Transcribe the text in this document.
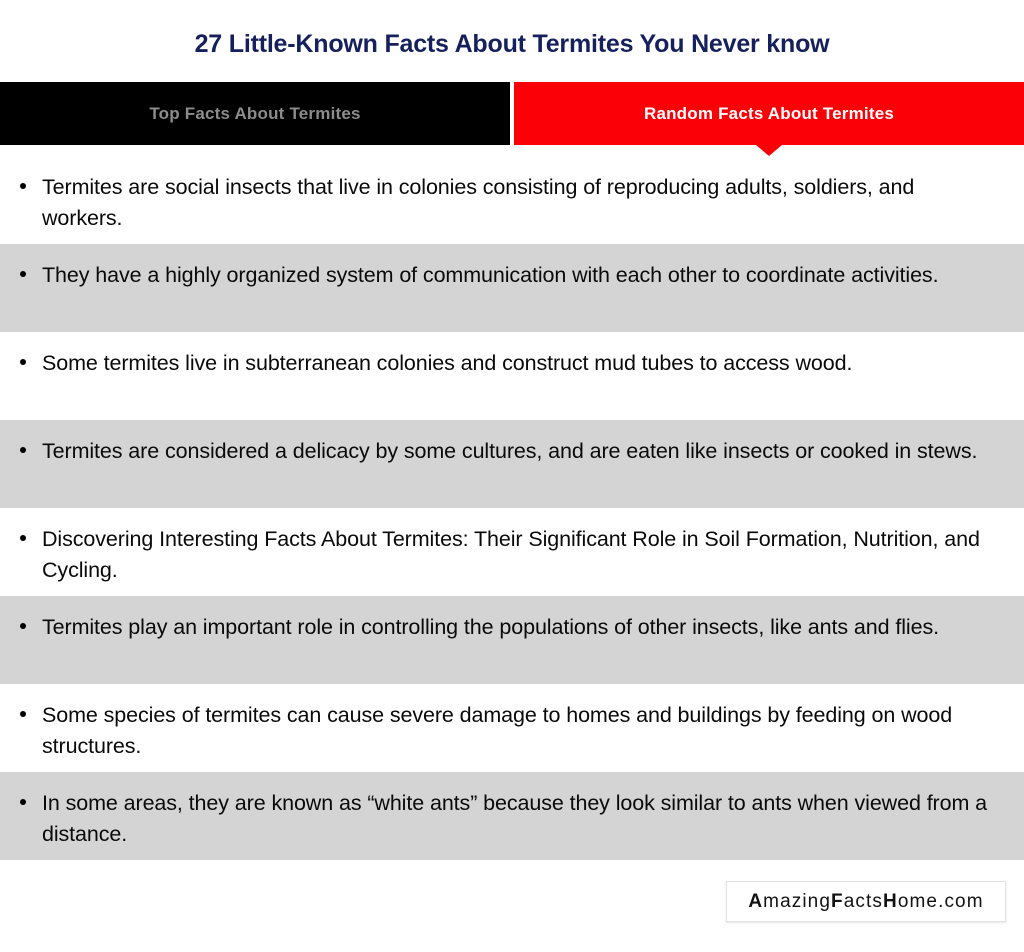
27 Little-Known Facts About Termites You Never know
Top Facts About Termites	Random Facts About Termites
Termites are social insects that live in colonies consisting of reproducing adults, soldiers, and workers.
They have a highly organized system of communication with each other to coordinate activities.
Some termites live in subterranean colonies and construct mud tubes to access wood.
Termites are considered a delicacy by some cultures, and are eaten like insects or cooked in stews.
Discovering Interesting Facts About Termites: Their Significant Role in Soil Formation, Nutrition, and Cycling.
Termites play an important role in controlling the populations of other insects, like ants and flies.
Some species of termites can cause severe damage to homes and buildings by feeding on wood structures.
In some areas, they are known as “white ants” because they look similar to ants when viewed from a distance.
AmazingFactsHome.com
